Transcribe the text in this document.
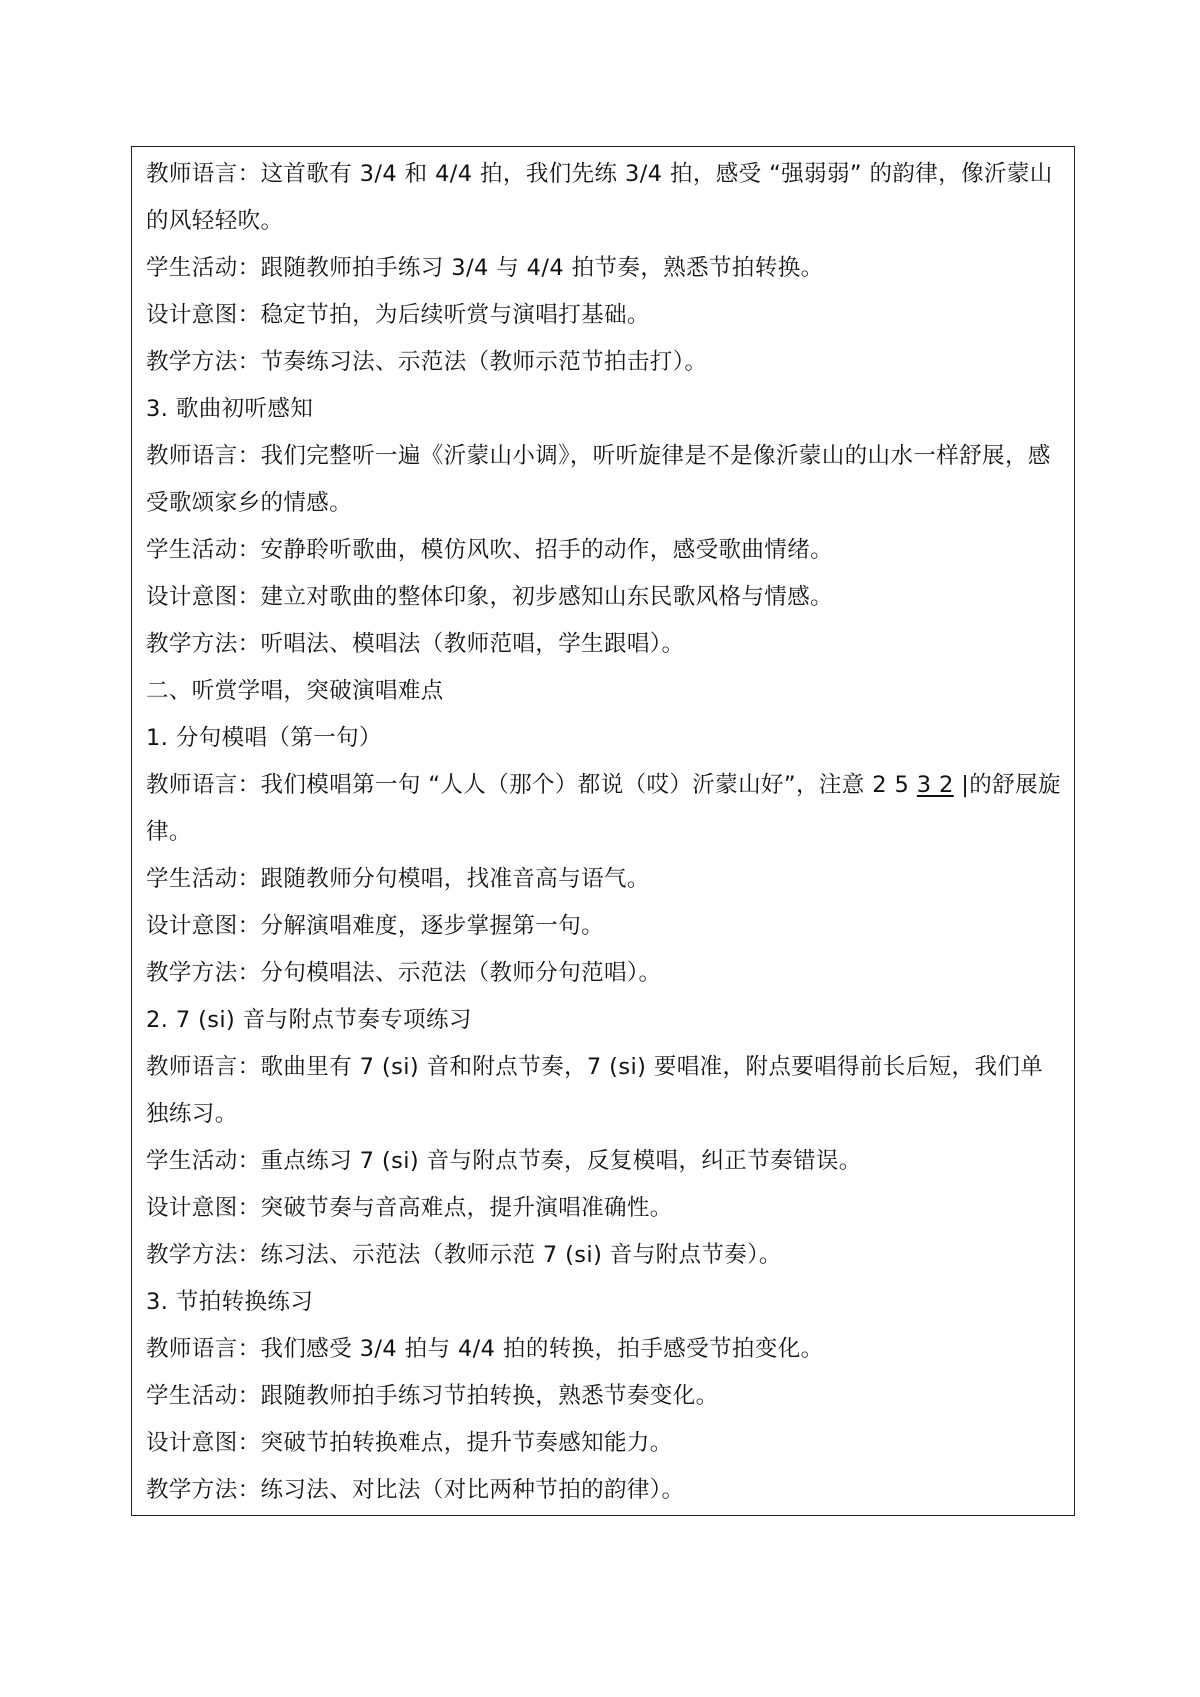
教师语言：这首歌有 3/4 和 4/4 拍，我们先练 3/4 拍，感受 “强弱弱” 的韵律，像沂蒙山的风轻轻吹。

学生活动：跟随教师拍手练习 3/4 与 4/4 拍节奏，熟悉节拍转换。

设计意图：稳定节拍，为后续听赏与演唱打基础。

教学方法：节奏练习法、示范法（教师示范节拍击打）。

3. 歌曲初听感知

教师语言：我们完整听一遍《沂蒙山小调》，听听旋律是不是像沂蒙山的山水一样舒展，感受歌颂家乡的情感。

学生活动：安静聆听歌曲，模仿风吹、招手的动作，感受歌曲情绪。

设计意图：建立对歌曲的整体印象，初步感知山东民歌风格与情感。

教学方法：听唱法、模唱法（教师范唱，学生跟唱）。

二、听赏学唱，突破演唱难点

1. 分句模唱（第一句）

教师语言：我们模唱第一句 “人人（那个）都说（哎）沂蒙山好”，注意 2 5 3 2 |的舒展旋律。

学生活动：跟随教师分句模唱，找准音高与语气。

设计意图：分解演唱难度，逐步掌握第一句。

教学方法：分句模唱法、示范法（教师分句范唱）。

2. 7 (si) 音与附点节奏专项练习

教师语言：歌曲里有 7 (si) 音和附点节奏，7 (si) 要唱准，附点要唱得前长后短，我们单独练习。

学生活动：重点练习 7 (si) 音与附点节奏，反复模唱，纠正节奏错误。

设计意图：突破节奏与音高难点，提升演唱准确性。

教学方法：练习法、示范法（教师示范 7 (si) 音与附点节奏）。

3. 节拍转换练习

教师语言：我们感受 3/4 拍与 4/4 拍的转换，拍手感受节拍变化。

学生活动：跟随教师拍手练习节拍转换，熟悉节奏变化。

设计意图：突破节拍转换难点，提升节奏感知能力。

教学方法：练习法、对比法（对比两种节拍的韵律）。
